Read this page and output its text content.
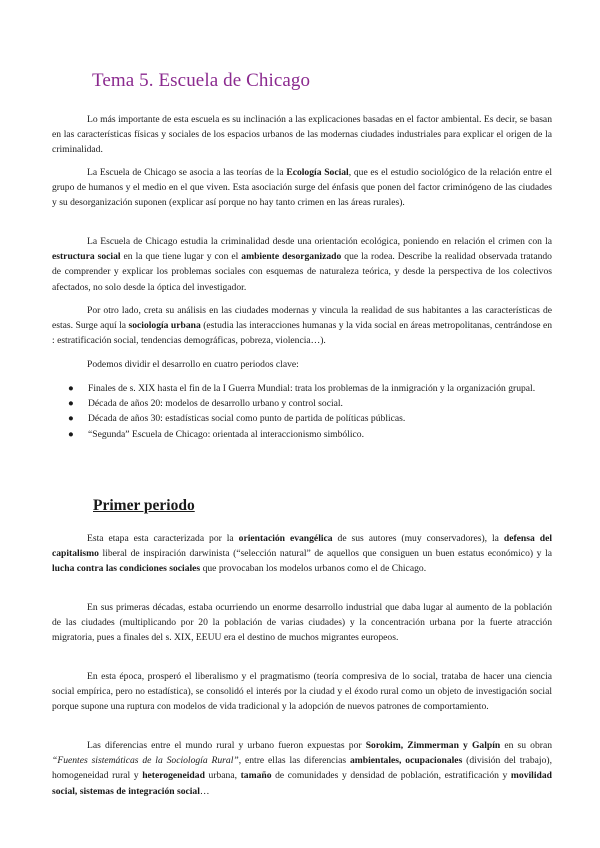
Tema 5. Escuela de Chicago

Lo más importante de esta escuela es su inclinación a las explicaciones basadas en el factor ambiental. Es decir, se basan en las características físicas y sociales de los espacios urbanos de las modernas ciudades industriales para explicar el origen de la criminalidad.

La Escuela de Chicago se asocia a las teorías de la Ecología Social, que es el estudio sociológico de la relación entre el grupo de humanos y el medio en el que viven. Esta asociación surge del énfasis que ponen del factor criminógeno de las ciudades y su desorganización suponen (explicar así porque no hay tanto crimen en las áreas rurales).

La Escuela de Chicago estudia la criminalidad desde una orientación ecológica, poniendo en relación el crimen con la estructura social en la que tiene lugar y con el ambiente desorganizado que la rodea. Describe la realidad observada tratando de comprender y explicar los problemas sociales con esquemas de naturaleza teórica, y desde la perspectiva de los colectivos afectados, no solo desde la óptica del investigador.

Por otro lado, creta su análisis en las ciudades modernas y vincula la realidad de sus habitantes a las características de estas. Surge aquí la sociología urbana (estudia las interacciones humanas y la vida social en áreas metropolitanas, centrándose en : estratificación social, tendencias demográficas, pobreza, violencia…).

Podemos dividir el desarrollo en cuatro periodos clave:

● Finales de s. XIX hasta el fin de la I Guerra Mundial: trata los problemas de la inmigración y la organización grupal.
● Década de años 20: modelos de desarrollo urbano y control social.
● Década de años 30: estadísticas social como punto de partida de políticas públicas.
● “Segunda” Escuela de Chicago: orientada al interaccionismo simbólico.
Primer periodo

Esta etapa esta caracterizada por la orientación evangélica de sus autores (muy conservadores), la defensa del capitalismo liberal de inspiración darwinista (“selección natural” de aquellos que consiguen un buen estatus económico) y la lucha contra las condiciones sociales que provocaban los modelos urbanos como el de Chicago.

En sus primeras décadas, estaba ocurriendo un enorme desarrollo industrial que daba lugar al aumento de la población de las ciudades (multiplicando por 20 la población de varias ciudades) y la concentración urbana por la fuerte atracción migratoria, pues a finales del s. XIX, EEUU era el destino de muchos migrantes europeos.

En esta época, prosperó el liberalismo y el pragmatismo (teoría compresiva de lo social, trataba de hacer una ciencia social empírica, pero no estadística), se consolidó el interés por la ciudad y el éxodo rural como un objeto de investigación social porque supone una ruptura con modelos de vida tradicional y la adopción de nuevos patrones de comportamiento.

Las diferencias entre el mundo rural y urbano fueron expuestas por Sorokim, Zimmerman y Galpín en su obran “Fuentes sistemáticas de la Sociología Rural”, entre ellas las diferencias ambientales, ocupacionales (división del trabajo), homogeneidad rural y heterogeneidad urbana, tamaño de comunidades y densidad de población, estratificación y movilidad social, sistemas de integración social…
